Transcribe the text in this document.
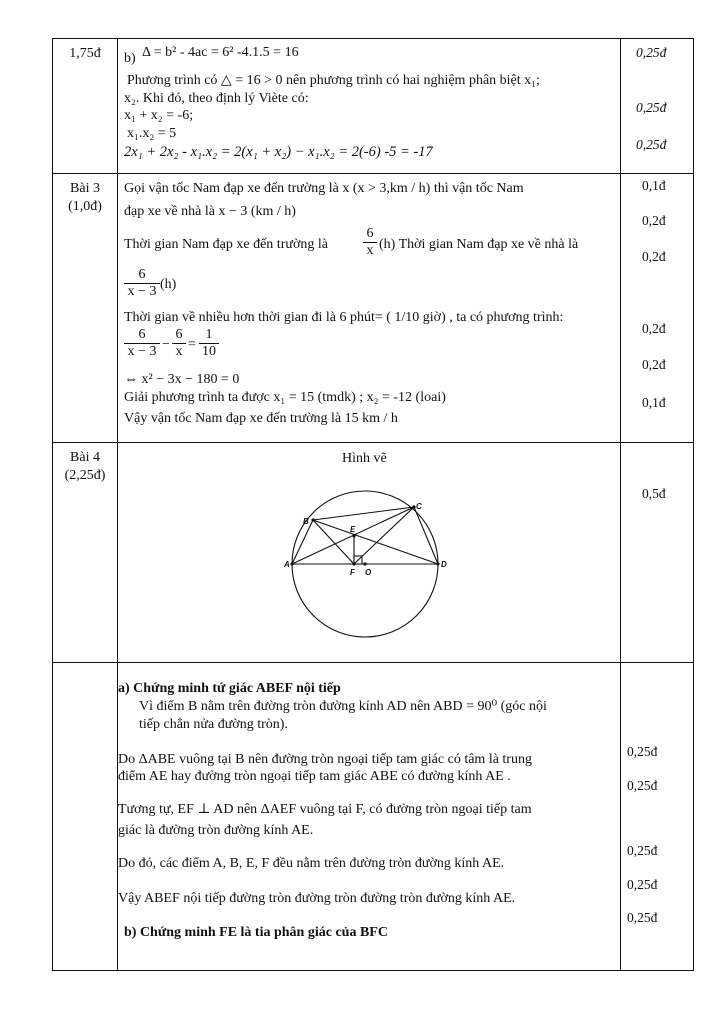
1,75đ	b) Δ = b² - 4ac = 6² -4.1.5 = 16
Phương trình có △ = 16 > 0 nên phương trình có hai nghiệm phân biệt x₁;
x₂. Khi đó, theo định lý Viète có:
x₁ + x₂ = -6;
x₁.x₂ = 5
2x₁ + 2x₂ - x₁.x₂ = 2(x₁ + x₂) − x₁.x₂ = 2(-6) -5 = -17
0,25đ
0,25đ
0,25đ
Bài 3
(1,0đ)
Gọi vận tốc Nam đạp xe đến trường là x (x > 3,km / h) thì vận tốc Nam
đạp xe về nhà là x − 3 (km / h)
Thời gian Nam đạp xe đến trường là	$\frac{6}{x} (h)$ Thời gian Nam đạp xe về nhà là
$\frac{6}{x - 3} (h)$
Thời gian về nhiều hơn thời gian đi là 6 phút= ( 1/10 giờ) , ta có phương trình:
$\frac{6}{x - 3} - \frac{6}{x} = \frac{1}{10}$
⇔ x² − 3x − 180 = 0
Giải phương trình ta được x₁ = 15 (tmdk) ; x₂ = -12 (loai)
Vậy vận tốc Nam đạp xe đến trường là 15 km / h
0,1đ
0,2đ
0,2đ
0,2đ
0,2đ
0,1đ
Bài 4
(2,25đ)
Hình vẽ
0,5đ
A
B
C
D
E
F O
a) Chứng minh tứ giác ABEF nội tiếp
Vì điểm B nằm trên đường tròn đường kính AD nên ABD = 90⁰ (góc nội
tiếp chắn nửa đường tròn).
Do ΔABE vuông tại B nên đường tròn ngoại tiếp tam giác có tâm là trung
điểm AE hay đường tròn ngoại tiếp tam giác ABE có đường kính AE .
Tương tự, EF ⊥ AD nên ΔAEF vuông tại F, có đường tròn ngoại tiếp tam
giác là đường tròn đường kính AE.
Do đó, các điểm A, B, E, F đều nằm trên đường tròn đường kính AE.
Vậy ABEF nội tiếp đường tròn đường tròn đường tròn đường kính AE.
b) Chứng minh FE là tia phân giác của BFC
0,25đ
0,25đ
0,25đ
0,25đ
0,25đ
